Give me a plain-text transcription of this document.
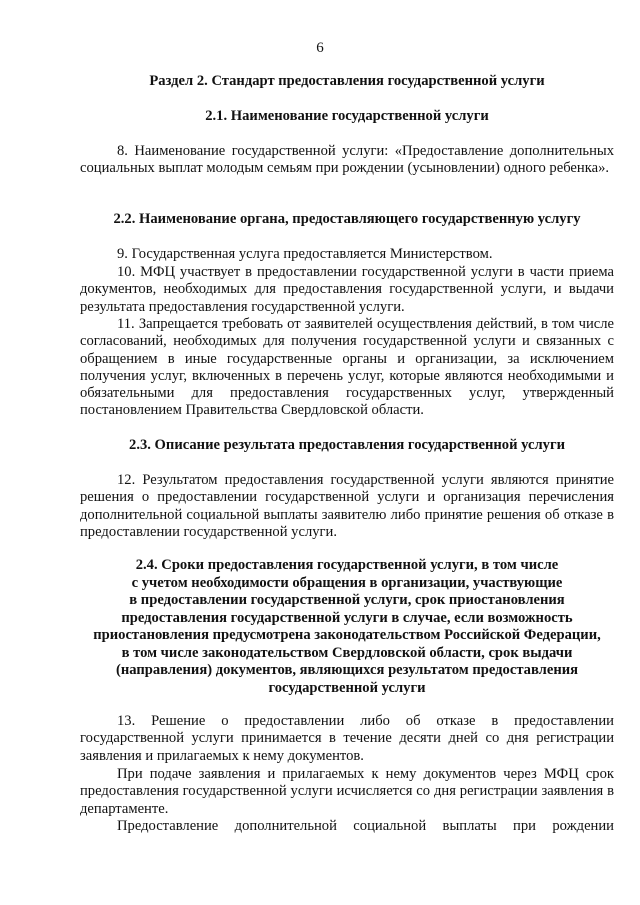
6
Раздел 2. Стандарт предоставления государственной услуги
2.1. Наименование государственной услуги
8. Наименование государственной услуги: «Предоставление дополнительных социальных выплат молодым семьям при рождении (усыновлении) одного ребенка».
2.2. Наименование органа, предоставляющего государственную услугу
9. Государственная услуга предоставляется Министерством.
10. МФЦ участвует в предоставлении государственной услуги в части приема документов, необходимых для предоставления государственной услуги, и выдачи результата предоставления государственной услуги.
11. Запрещается требовать от заявителей осуществления действий, в том числе согласований, необходимых для получения государственной услуги и связанных с обращением в иные государственные органы и организации, за исключением получения услуг, включенных в перечень услуг, которые являются необходимыми и обязательными для предоставления государственных услуг, утвержденный постановлением Правительства Свердловской области.
2.3. Описание результата предоставления государственной услуги
12. Результатом предоставления государственной услуги являются принятие решения о предоставлении государственной услуги и организация перечисления дополнительной социальной выплаты заявителю либо принятие решения об отказе в предоставлении государственной услуги.
2.4. Сроки предоставления государственной услуги, в том числе
с учетом необходимости обращения в организации, участвующие
в предоставлении государственной услуги, срок приостановления
предоставления государственной услуги в случае, если возможность
приостановления предусмотрена законодательством Российской Федерации,
в том числе законодательством Свердловской области, срок выдачи
(направления) документов, являющихся результатом предоставления
государственной услуги
13. Решение о предоставлении либо об отказе в предоставлении государственной услуги принимается в течение десяти дней со дня регистрации заявления и прилагаемых к нему документов.
При подаче заявления и прилагаемых к нему документов через МФЦ срок предоставления государственной услуги исчисляется со дня регистрации заявления в департаменте.
Предоставление дополнительной социальной выплаты при рождении
